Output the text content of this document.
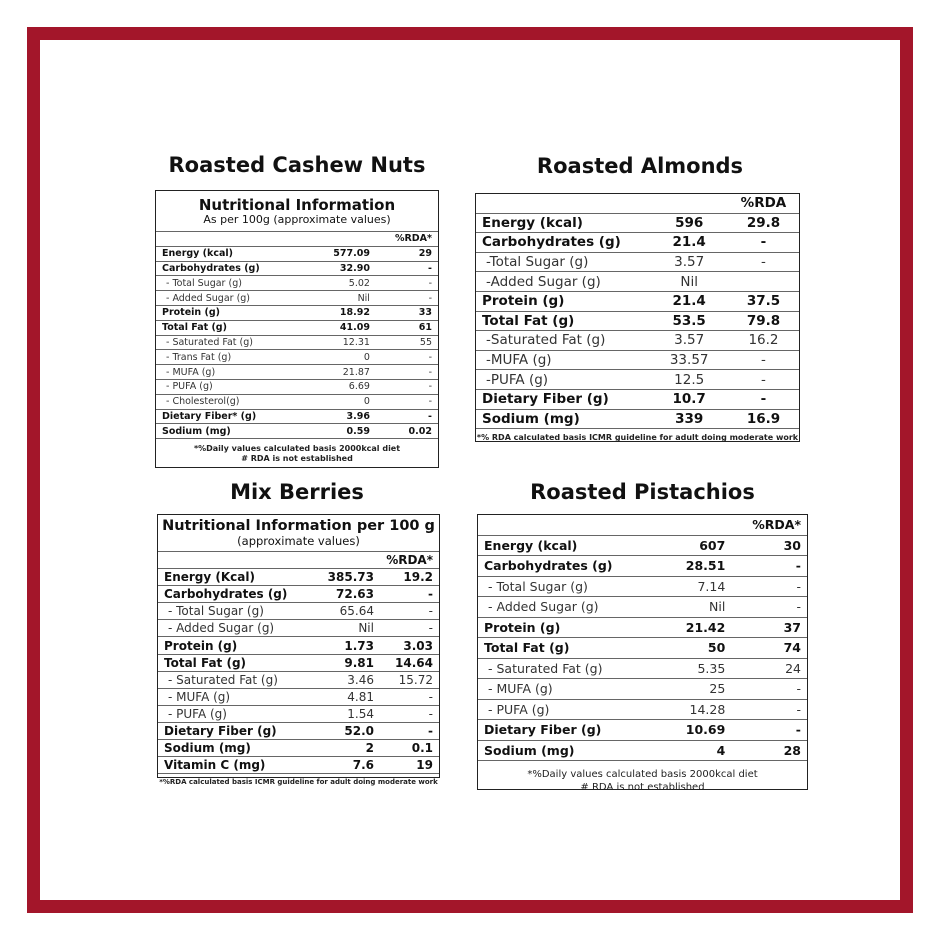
Roasted Cashew Nuts
Nutritional Information
As per 100g (approximate values)
		%RDA*
Energy (kcal)	577.09	29
Carbohydrates (g)	32.90	-
- Total Sugar (g)	5.02	-
- Added Sugar (g)	Nil	-
Protein (g)	18.92	33
Total Fat (g)	41.09	61
- Saturated Fat (g)	12.31	55
- Trans Fat (g)	0	-
- MUFA (g)	21.87	-
- PUFA (g)	6.69	-
- Cholesterol(g)	0	-
Dietary Fiber* (g)	3.96	-
Sodium (mg)	0.59	0.02
*%Daily values calculated basis 2000kcal diet
# RDA is not established
Roasted Almonds
		%RDA
Energy (kcal)	596	29.8
Carbohydrates (g)	21.4	-
-Total Sugar (g)	3.57	-
-Added Sugar (g)	Nil	
Protein (g)	21.4	37.5
Total Fat (g)	53.5	79.8
-Saturated Fat (g)	3.57	16.2
-MUFA (g)	33.57	-
-PUFA (g)	12.5	-
Dietary Fiber (g)	10.7	-
Sodium (mg)	339	16.9
*% RDA calculated basis ICMR guideline for adult doing moderate work
Mix Berries
Nutritional Information per 100 g
(approximate values)
		%RDA*
Energy (Kcal)	385.73	19.2
Carbohydrates (g)	72.63	-
- Total Sugar (g)	65.64	-
- Added Sugar (g)	Nil	-
Protein (g)	1.73	3.03
Total Fat (g)	9.81	14.64
- Saturated Fat (g)	3.46	15.72
- MUFA (g)	4.81	-
- PUFA (g)	1.54	-
Dietary Fiber (g)	52.0	-
Sodium (mg)	2	0.1
Vitamin C (mg)	7.6	19
*%RDA calculated basis ICMR guideline for adult doing moderate work
Roasted Pistachios
		%RDA*
Energy (kcal)	607	30
Carbohydrates (g)	28.51	-
- Total Sugar (g)	7.14	-
- Added Sugar (g)	Nil	-
Protein (g)	21.42	37
Total Fat (g)	50	74
- Saturated Fat (g)	5.35	24
- MUFA (g)	25	-
- PUFA (g)	14.28	-
Dietary Fiber (g)	10.69	-
Sodium (mg)	4	28
*%Daily values calculated basis 2000kcal diet
# RDA is not established
